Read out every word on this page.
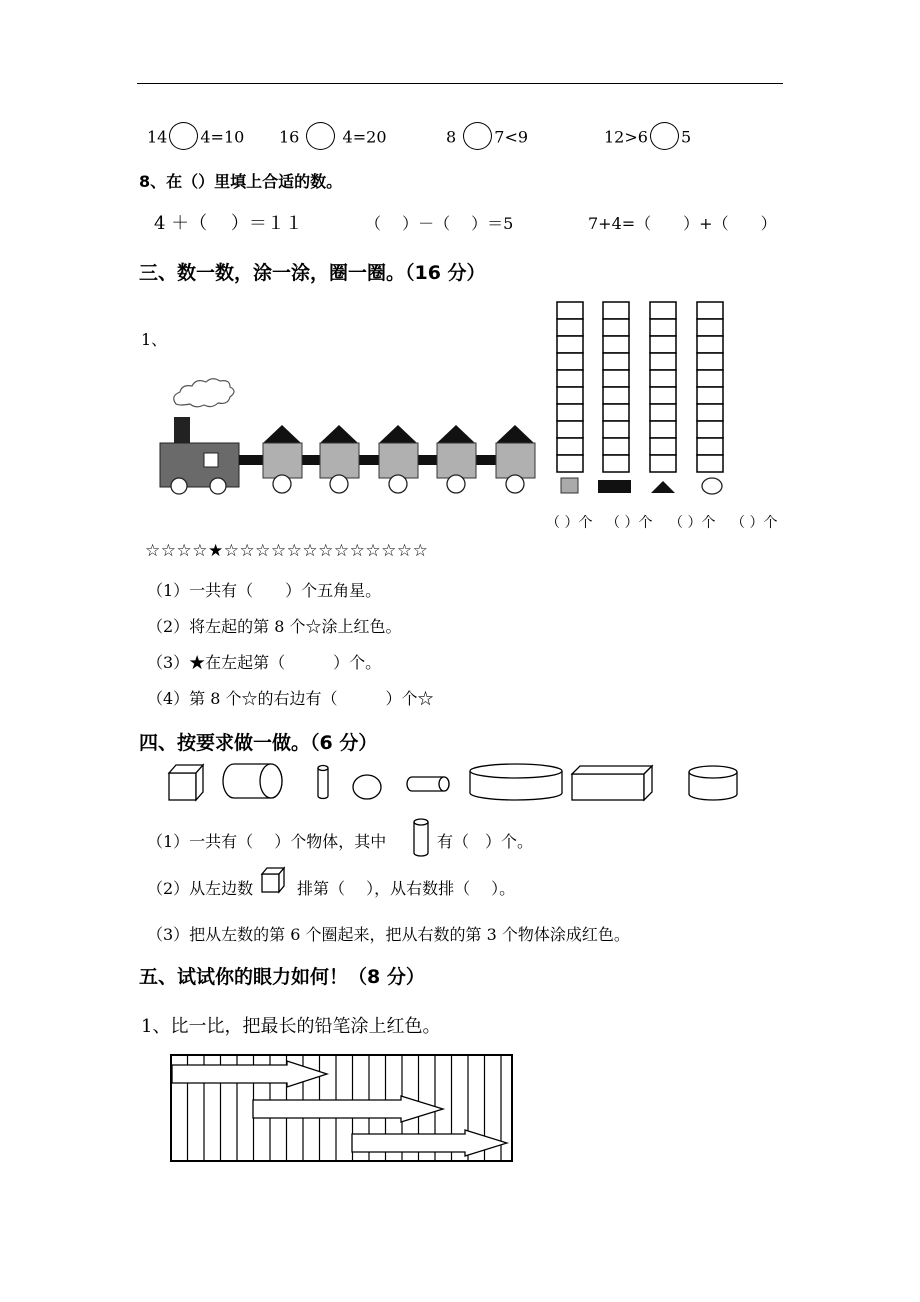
14 4=10 16	4=20	8 7<9	12>6 5
8、在（）里填上合适的数。
4 ＋（　 ）＝１１	（　 ）－（　 ）＝5	7+4=（　　）+（　　）
三、数一数，涂一涂，圈一圈。（16 分）
1、
（ ）个 （ ）个 （ ）个 （ ）个
☆☆☆☆★☆☆☆☆☆☆☆☆☆☆☆☆☆
（1）一共有（　　）个五角星。
（2）将左起的第 8 个☆涂上红色。
（3）★在左起第（　　　）个。
（4）第 8 个☆的右边有（　　　）个☆
四、按要求做一做。（6 分）
（1）一共有（　 ）个物体，其中	有（　）个。
（2）从左边数	排第（　 ），从右数排（　 ）。
（3）把从左数的第 6 个圈起来，把从右数的第 3 个物体涂成红色。
五、试试你的眼力如何！（8 分）
1、比一比，把最长的铅笔涂上红色。
